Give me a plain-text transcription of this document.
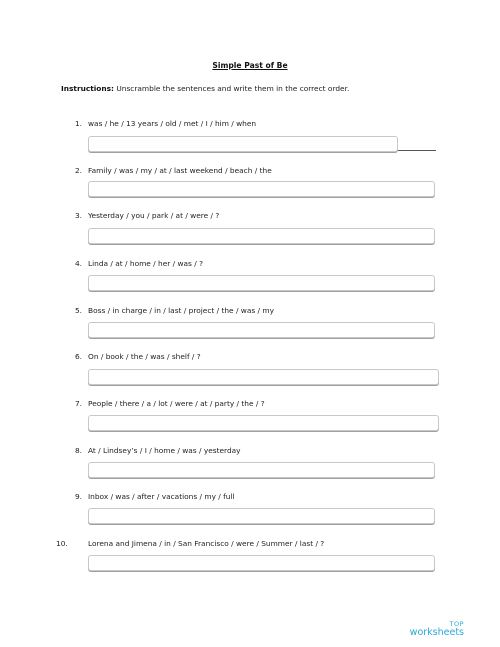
Simple Past of Be
Instructions: Unscramble the sentences and write them in the correct order.
1. was / he / 13 years / old / met / I / him / when
2. Family / was / my / at / last weekend / beach / the
3. Yesterday / you / park / at / were / ?
4. Linda / at / home / her / was / ?
5. Boss / in charge / in / last / project / the / was / my
6. On / book / the / was / shelf / ?
7. People / there / a / lot / were / at / party / the / ?
8. At / Lindsey’s / I / home / was / yesterday
9. Inbox / was / after / vacations / my / full
10.	Lorena and Jimena / in / San Francisco / were / Summer / last / ?
TOP
worksheets
